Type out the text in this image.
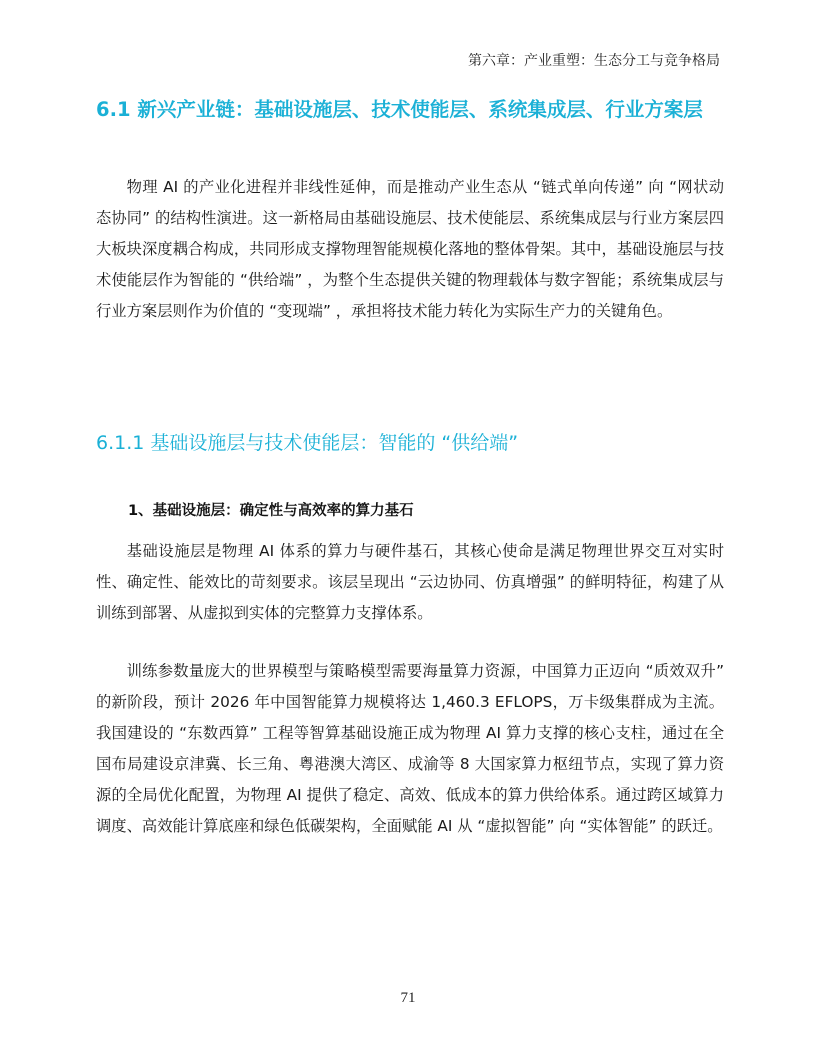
第六章：产业重塑：生态分工与竞争格局
6.1 新兴产业链：基础设施层、技术使能层、系统集成层、行业方案层

物理 AI 的产业化进程并非线性延伸，而是推动产业生态从 “链式单向传递” 向 “网状动态协同” 的结构性演进。这一新格局由基础设施层、技术使能层、系统集成层与行业方案层四大板块深度耦合构成，共同形成支撑物理智能规模化落地的整体骨架。其中，基础设施层与技术使能层作为智能的 “供给端” ，为整个生态提供关键的物理载体与数字智能；系统集成层与行业方案层则作为价值的 “变现端” ，承担将技术能力转化为实际生产力的关键角色。

6.1.1 基础设施层与技术使能层：智能的 “供给端”
1、基础设施层：确定性与高效率的算力基石

基础设施层是物理 AI 体系的算力与硬件基石，其核心使命是满足物理世界交互对实时性、确定性、能效比的苛刻要求。该层呈现出 “云边协同、仿真增强” 的鲜明特征，构建了从训练到部署、从虚拟到实体的完整算力支撑体系。

训练参数量庞大的世界模型与策略模型需要海量算力资源，中国算力正迈向 “质效双升” 的新阶段，预计 2026 年中国智能算力规模将达 1,460.3 EFLOPS，万卡级集群成为主流。我国建设的 “东数西算” 工程等智算基础设施正成为物理 AI 算力支撑的核心支柱，通过在全国布局建设京津冀、长三角、粤港澳大湾区、成渝等 8 大国家算力枢纽节点，实现了算力资源的全局优化配置，为物理 AI 提供了稳定、高效、低成本的算力供给体系。通过跨区域算力调度、高效能计算底座和绿色低碳架构，全面赋能 AI 从 “虚拟智能” 向 “实体智能” 的跃迁。

71
